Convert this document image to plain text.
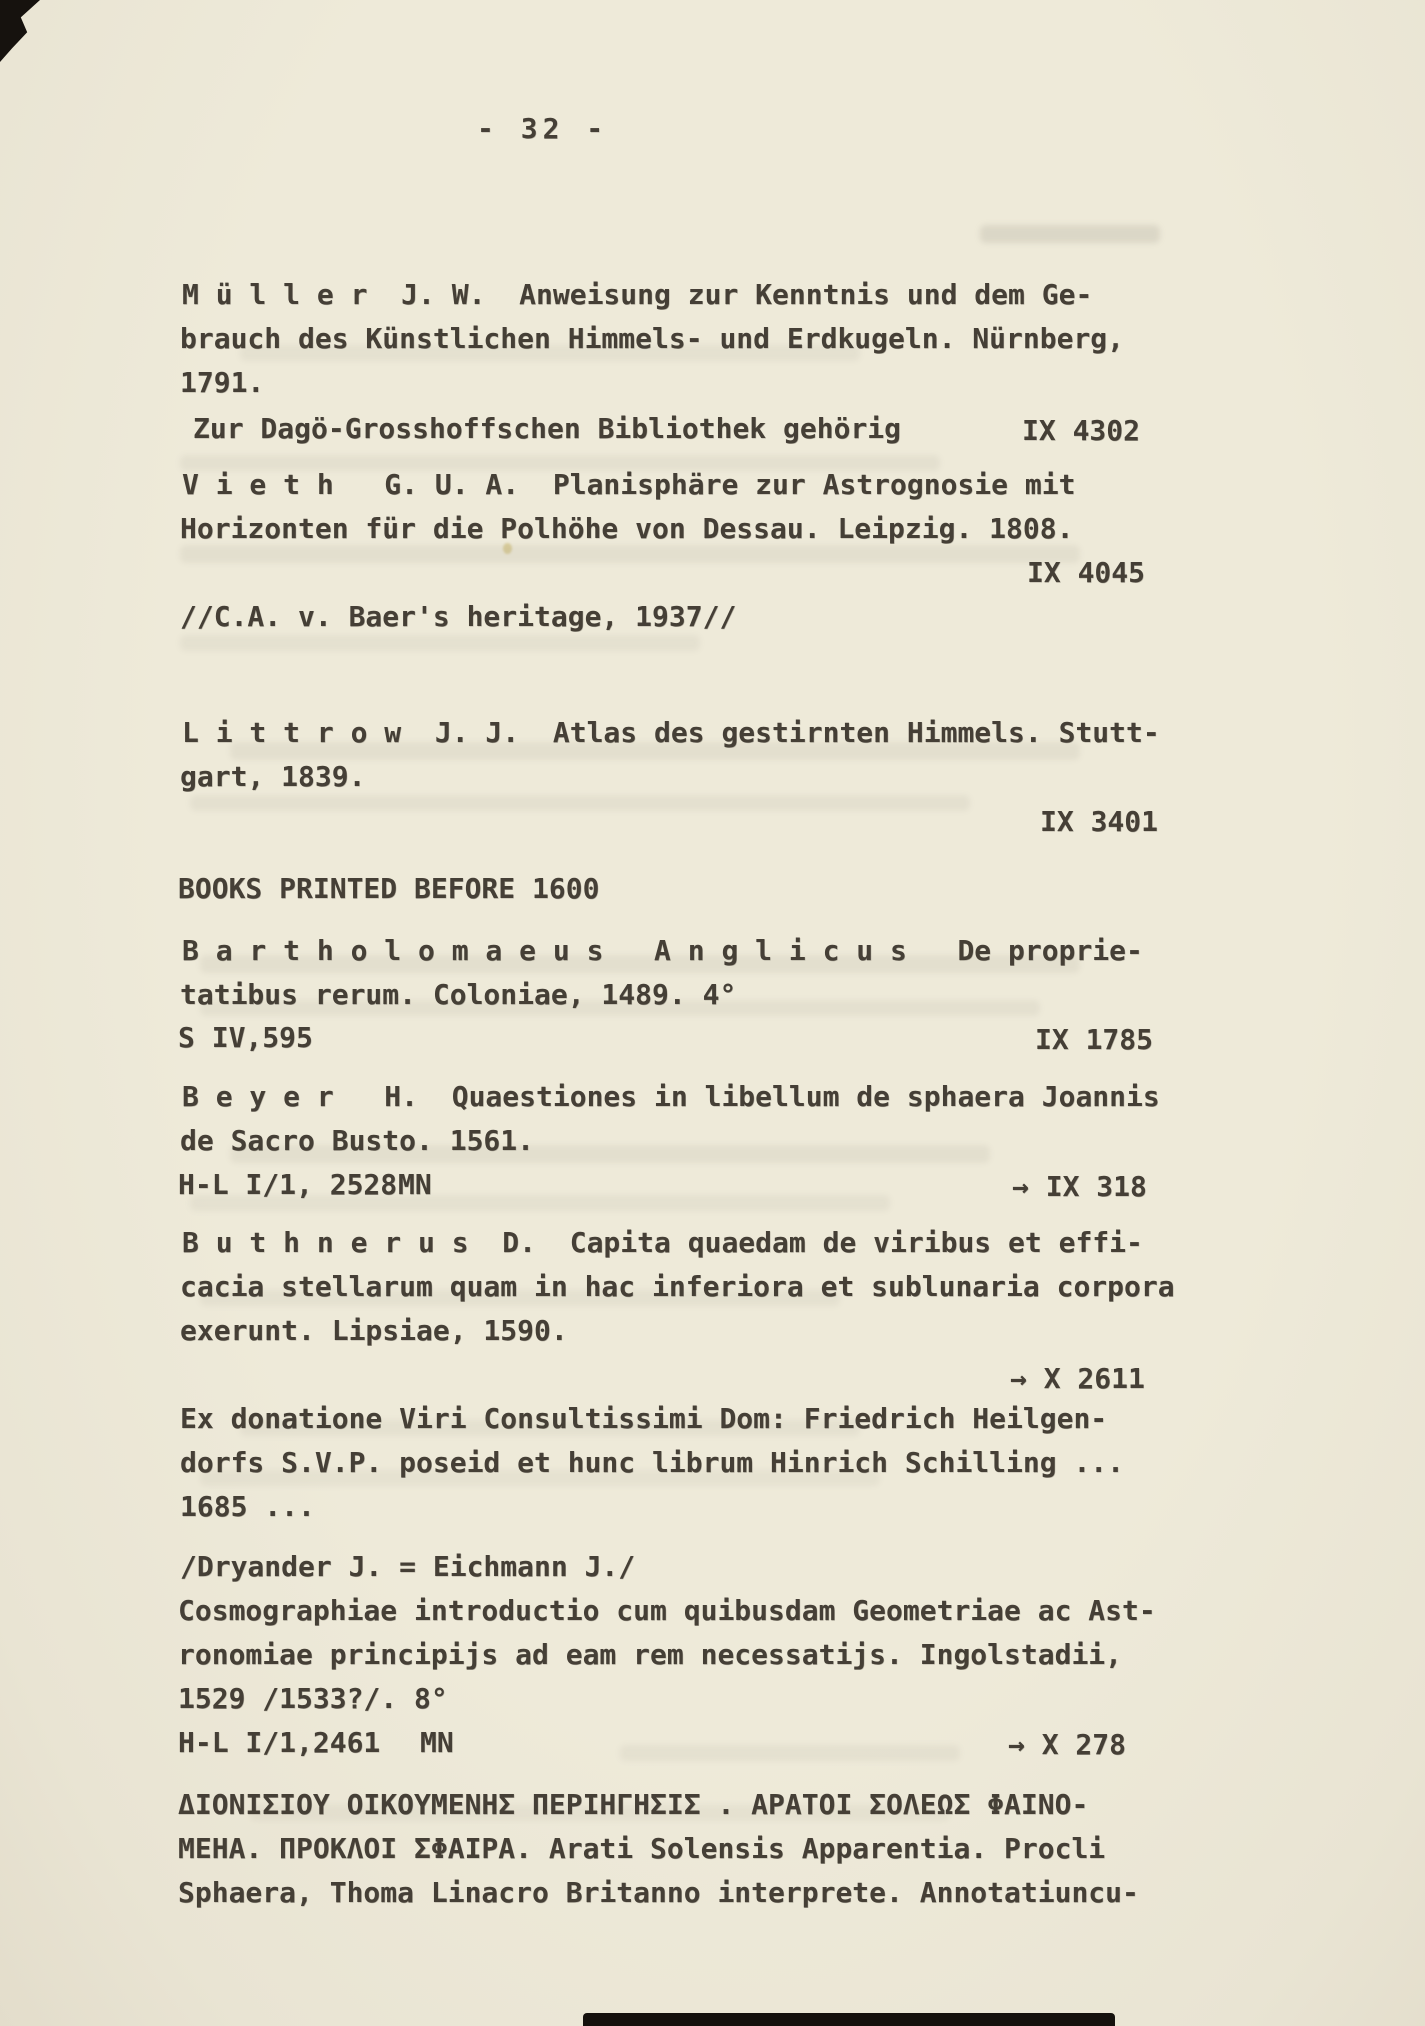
- 32 -
M ü l l e r  J. W.  Anweisung zur Kenntnis und dem Ge-
brauch des Künstlichen Himmels- und Erdkugeln. Nürnberg,
1791.
Zur Dagö-Grosshoffschen Bibliothek gehörig	IX 4302
V i e t h   G. U. A.  Planisphäre zur Astrognosie mit
Horizonten für die Polhöhe von Dessau. Leipzig. 1808.
IX 4045
//C.A. v. Baer's heritage, 1937//
L i t t r o w  J. J.  Atlas des gestirnten Himmels. Stutt-
gart, 1839.
IX 3401
BOOKS PRINTED BEFORE 1600
B a r t h o l o m a e u s   A n g l i c u s   De proprie-
tatibus rerum. Coloniae, 1489. 4°
S IV,595	IX 1785
B e y e r   H.  Quaestiones in libellum de sphaera Joannis
de Sacro Busto. 1561.
H-L I/1, 2528 MN	→ IX 318
B u t h n e r u s  D.  Capita quaedam de viribus et effi-
cacia stellarum quam in hac inferiora et sublunaria corpora
exerunt. Lipsiae, 1590.
→ X 2611
Ex donatione Viri Consultissimi Dom: Friedrich Heilgen-
dorfs S.V.P. poseid et hunc librum Hinrich Schilling ...
1685 ...
/Dryander J. = Eichmann J./
Cosmographiae introductio cum quibusdam Geometriae ac Ast-
ronomiae principijs ad eam rem necessatijs. Ingolstadii,
1529 /1533?/. 8°
H-L I/1,2461 MN	→ X 278
ΔΙΟΝΙΣΙΟΥ ΟΙΚΟΥΜΕΝΗΣ ΠΕΡΙΗΓΗΣΙΣ . ΑΡΑΤΟΙ ΣΟΛΕΩΣ ΦΑΙΝΟ-
ΜΕΗΑ. ΠΡΟΚΛΟΙ ΣΦΑΙΡΑ. Arati Solensis Apparentia. Procli
Sphaera, Thoma Linacro Britanno interprete. Annotatiuncu-
